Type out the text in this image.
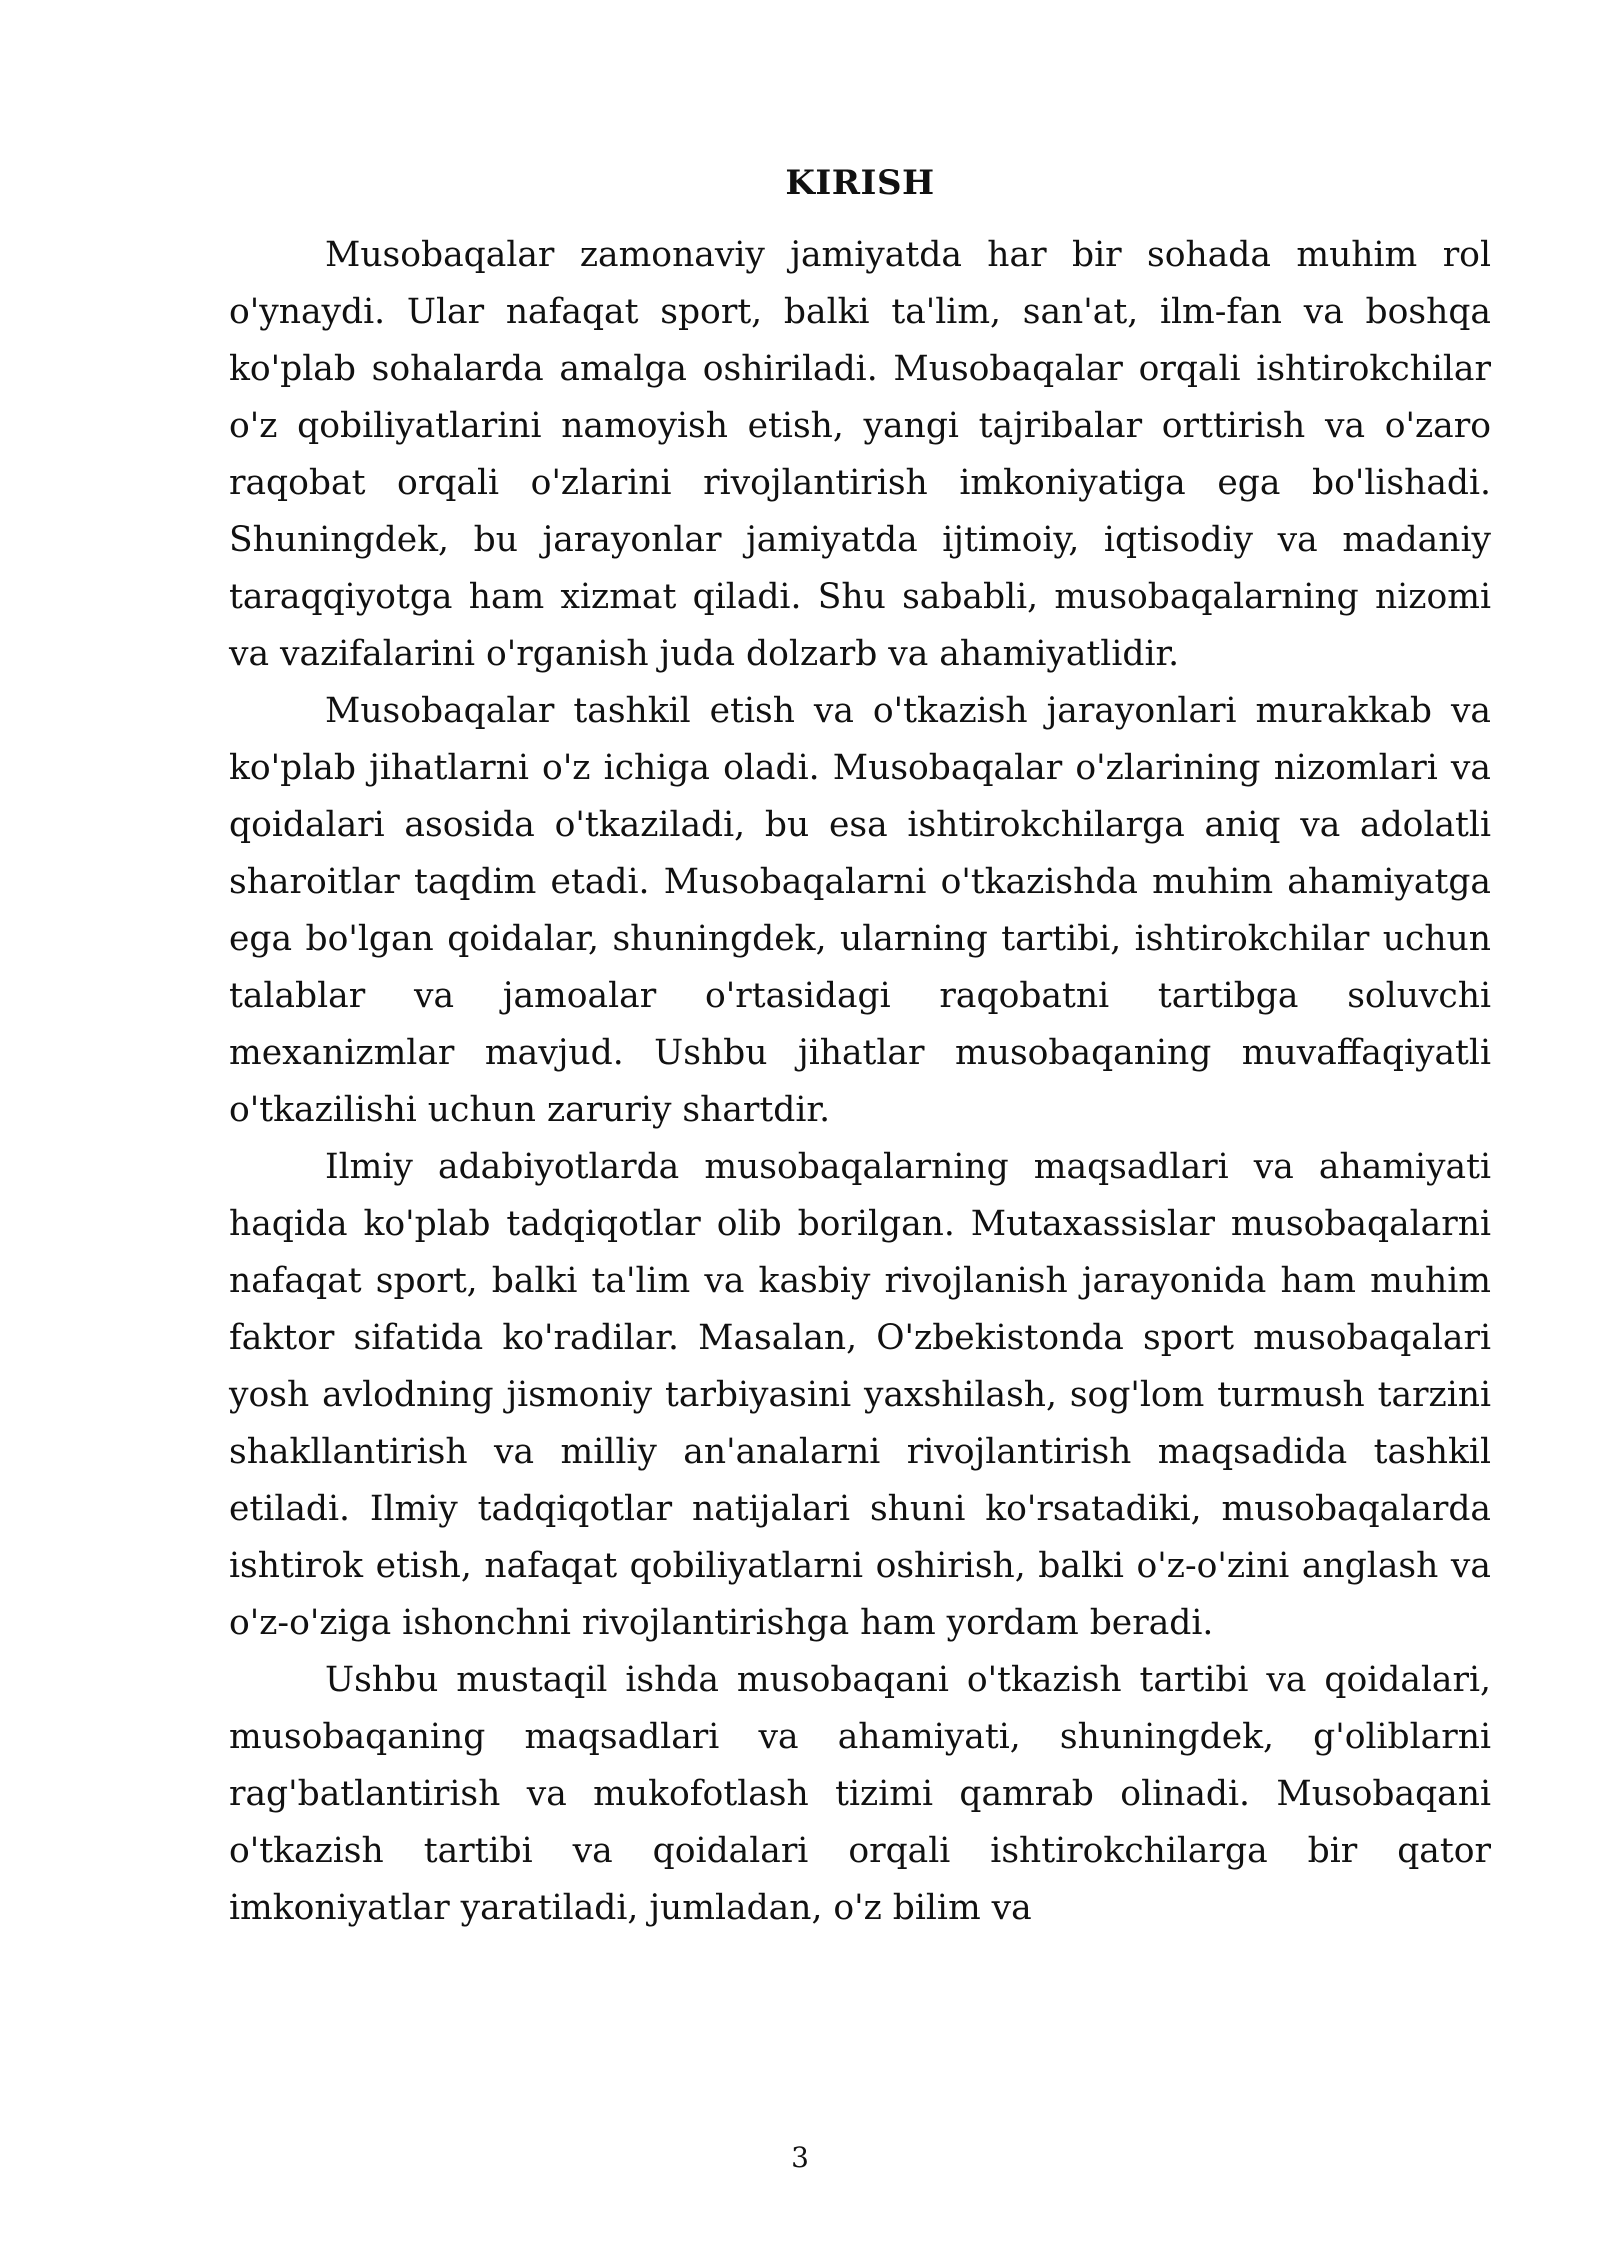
KIRISH

Musobaqalar zamonaviy jamiyatda har bir sohada muhim rol o'ynaydi. Ular nafaqat sport, balki ta'lim, san'at, ilm-fan va boshqa ko'plab sohalarda amalga oshiriladi. Musobaqalar orqali ishtirokchilar o'z qobiliyatlarini namoyish etish, yangi tajribalar orttirish va o'zaro raqobat orqali o'zlarini rivojlantirish imkoniyatiga ega bo'lishadi. Shuningdek, bu jarayonlar jamiyatda ijtimoiy, iqtisodiy va madaniy taraqqiyotga ham xizmat qiladi. Shu sababli, musobaqalarning nizomi va vazifalarini o'rganish juda dolzarb va ahamiyatlidir.

Musobaqalar tashkil etish va o'tkazish jarayonlari murakkab va ko'plab jihatlarni o'z ichiga oladi. Musobaqalar o'zlarining nizomlari va qoidalari asosida o'tkaziladi, bu esa ishtirokchilarga aniq va adolatli sharoitlar taqdim etadi. Musobaqalarni o'tkazishda muhim ahamiyatga ega bo'lgan qoidalar, shuningdek, ularning tartibi, ishtirokchilar uchun talablar va jamoalar o'rtasidagi raqobatni tartibga soluvchi mexanizmlar mavjud. Ushbu jihatlar musobaqaning muvaffaqiyatli o'tkazilishi uchun zaruriy shartdir.

Ilmiy adabiyotlarda musobaqalarning maqsadlari va ahamiyati haqida ko'plab tadqiqotlar olib borilgan. Mutaxassislar musobaqalarni nafaqat sport, balki ta'lim va kasbiy rivojlanish jarayonida ham muhim faktor sifatida ko'radilar. Masalan, O'zbekistonda sport musobaqalari yosh avlodning jismoniy tarbiyasini yaxshilash, sog'lom turmush tarzini shakllantirish va milliy an'analarni rivojlantirish maqsadida tashkil etiladi. Ilmiy tadqiqotlar natijalari shuni ko'rsatadiki, musobaqalarda ishtirok etish, nafaqat qobiliyatlarni oshirish, balki o'z-o'zini anglash va o'z-o'ziga ishonchni rivojlantirishga ham yordam beradi.

Ushbu mustaqil ishda musobaqani o'tkazish tartibi va qoidalari, musobaqaning maqsadlari va ahamiyati, shuningdek, g'oliblarni rag'batlantirish va mukofotlash tizimi qamrab olinadi. Musobaqani o'tkazish tartibi va qoidalari orqali ishtirokchilarga bir qator imkoniyatlar yaratiladi, jumladan, o'z bilim va

3
